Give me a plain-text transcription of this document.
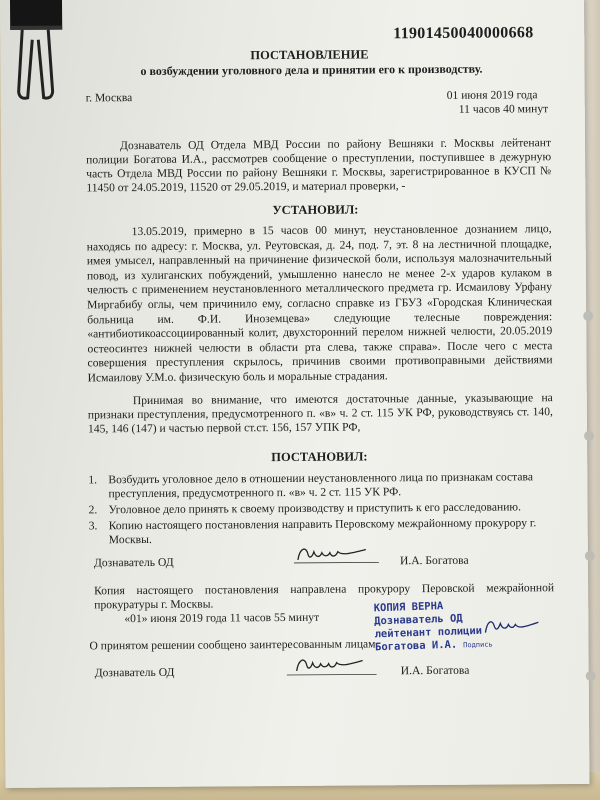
11901450040000668
ПОСТАНОВЛЕНИЕ
о возбуждении уголовного дела и принятии его к производству.
г. Москва	01 июня 2019 года
11 часов 40 минут
Дознаватель ОД Отдела МВД России по району Вешняки г. Москвы лейтенант полиции Богатова И.А., рассмотрев сообщение о преступлении, поступившее в дежурную часть Отдела МВД России по району Вешняки г. Москвы, зарегистрированное в КУСП № 11450 от 24.05.2019, 11520 от 29.05.2019, и материал проверки, -
УСТАНОВИЛ:
13.05.2019, примерно в 15 часов 00 минут, неустановленное дознанием лицо, находясь по адресу: г. Москва, ул. Реутовская, д. 24, под. 7, эт. 8 на лестничной площадке, имея умысел, направленный на причинение физической боли, используя малозначительный повод, из хулиганских побуждений, умышленно нанесло не менее 2-х ударов кулаком в челюсть с применением неустановленного металлического предмета гр. Исмаилову Урфану Миргабибу оглы, чем причинило ему, согласно справке из ГБУЗ «Городская Клиническая больница им. Ф.И. Иноземцева» следующие телесные повреждения: «антибиотикоассоциированный колит, двухсторонний перелом нижней челюсти, 20.05.2019 остеосинтез нижней челюсти в области рта слева, также справа». После чего с места совершения преступления скрылось, причинив своими противоправными действиями Исмаилову У.М.о. физическую боль и моральные страдания.
Принимая во внимание, что имеются достаточные данные, указывающие на признаки преступления, предусмотренного п. «в» ч. 2 ст. 115 УК РФ, руководствуясь ст. 140, 145, 146 (147) и частью первой ст.ст. 156, 157 УПК РФ,
ПОСТАНОВИЛ:
1. Возбудить уголовное дело в отношении неустановленного лица по признакам состава преступления, предусмотренного п. «в» ч. 2 ст. 115 УК РФ.
2. Уголовное дело принять к своему производству и приступить к его расследованию.
3. Копию настоящего постановления направить Перовскому межрайонному прокурору г. Москвы.
Дознаватель ОД	И.А. Богатова
Копия настоящего постановления направлена прокурору Перовской межрайонной прокуратуры г. Москвы.
«01» июня 2019 года 11 часов 55 минут
КОПИЯ ВЕРНА
Дознаватель ОД
лейтенант полиции
Богатова И.А. Подпись
О принятом решении сообщено заинтересованным лицам
Дознаватель ОД	И.А. Богатова
